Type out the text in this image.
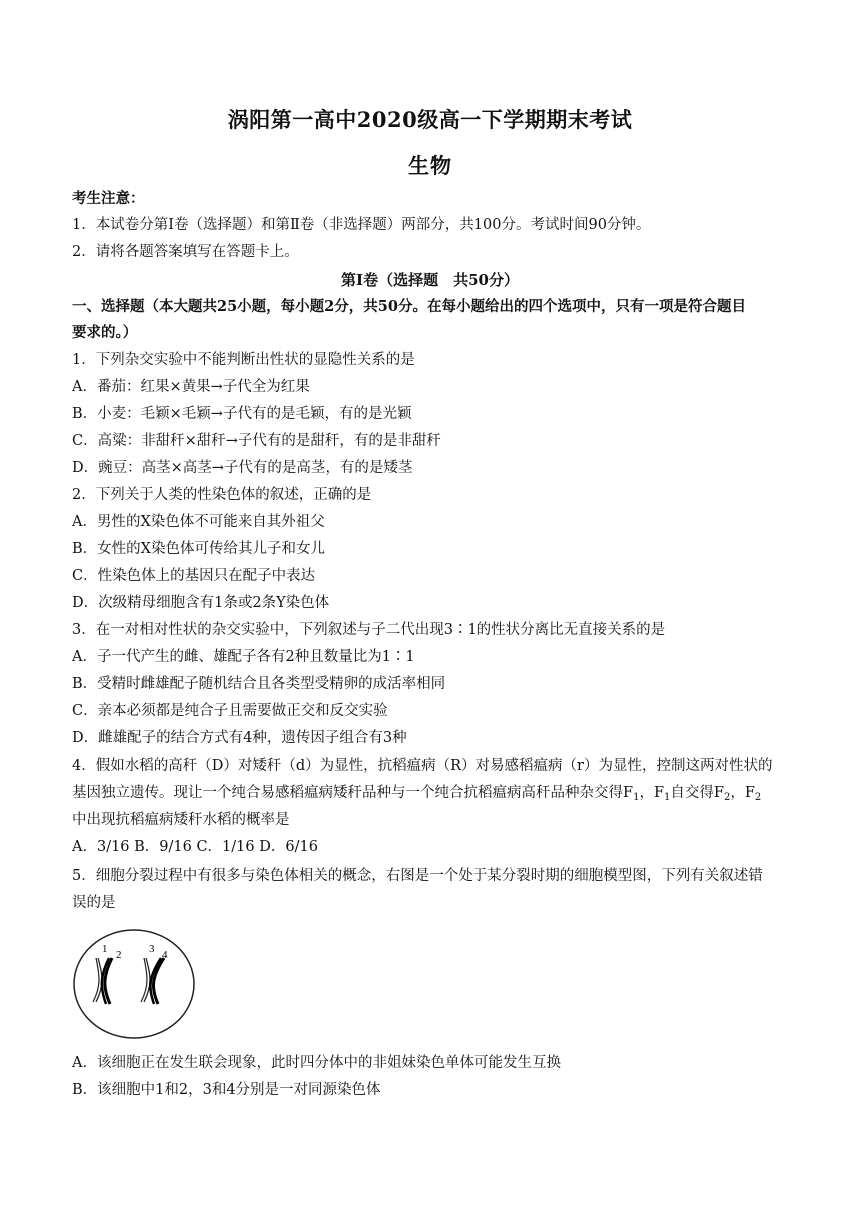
涡阳第一高中2020级高一下学期期末考试
生物
考生注意：
1．本试卷分第Ⅰ卷（选择题）和第Ⅱ卷（非选择题）两部分，共100分。考试时间90分钟。
2．请将各题答案填写在答题卡上。
第Ⅰ卷（选择题　共50分）
一、选择题（本大题共25小题，每小题2分，共50分。在每小题给出的四个选项中，只有一项是符合题目
要求的。）
1．下列杂交实验中不能判断出性状的显隐性关系的是
A．番茄：红果×黄果→子代全为红果
B．小麦：毛颖×毛颖→子代有的是毛颖，有的是光颖
C．高粱：非甜秆×甜秆→子代有的是甜秆，有的是非甜秆
D．豌豆：高茎×高茎→子代有的是高茎，有的是矮茎
2．下列关于人类的性染色体的叙述，正确的是
A．男性的X染色体不可能来自其外祖父
B．女性的X染色体可传给其儿子和女儿
C．性染色体上的基因只在配子中表达
D．次级精母细胞含有1条或2条Y染色体
3．在一对相对性状的杂交实验中，下列叙述与子二代出现3∶1的性状分离比无直接关系的是
A．子一代产生的雌、雄配子各有2种且数量比为1∶1
B．受精时雌雄配子随机结合且各类型受精卵的成活率相同
C．亲本必须都是纯合子且需要做正交和反交实验
D．雌雄配子的结合方式有4种，遗传因子组合有3种
4．假如水稻的高秆（D）对矮秆（d）为显性，抗稻瘟病（R）对易感稻瘟病（r）为显性，控制这两对性状的
基因独立遗传。现让一个纯合易感稻瘟病矮秆品种与一个纯合抗稻瘟病高秆品种杂交得$F_1$，$F_1$自交得$F_2$，$F_2$
中出现抗稻瘟病矮秆水稻的概率是
A．3/16 B．9/16 C．1/16 D．6/16
5．细胞分裂过程中有很多与染色体相关的概念，右图是一个处于某分裂时期的细胞模型图，下列有关叙述错
误的是
1 2	3 4
A．该细胞正在发生联会现象，此时四分体中的非姐妹染色单体可能发生互换
B．该细胞中1和2，3和4分别是一对同源染色体
